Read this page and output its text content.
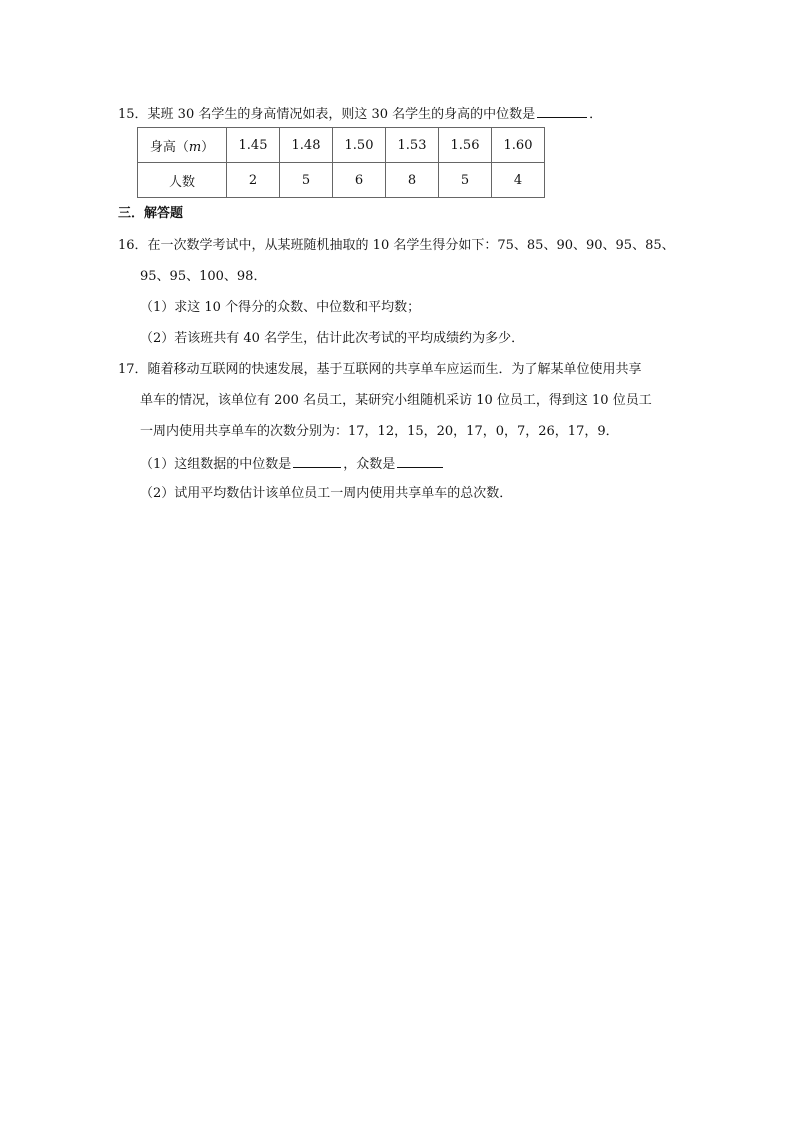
15．某班 30 名学生的身高情况如表，则这 30 名学生的身高的中位数是	．
身高（m）	1.45	1.48	1.50	1.53	1.56	1.60
人数	2	5	6	8	5	4
三．解答题
16．在一次数学考试中，从某班随机抽取的 10 名学生得分如下：75、85、90、90、95、85、
95、95、100、98．
（1）求这 10 个得分的众数、中位数和平均数；
（2）若该班共有 40 名学生，估计此次考试的平均成绩约为多少．
17．随着移动互联网的快速发展，基于互联网的共享单车应运而生．为了解某单位使用共享
单车的情况，该单位有 200 名员工，某研究小组随机采访 10 位员工，得到这 10 位员工
一周内使用共享单车的次数分别为：17，12，15，20，17，0，7，26，17，9．
（1）这组数据的中位数是	，众数是
（2）试用平均数估计该单位员工一周内使用共享单车的总次数．
